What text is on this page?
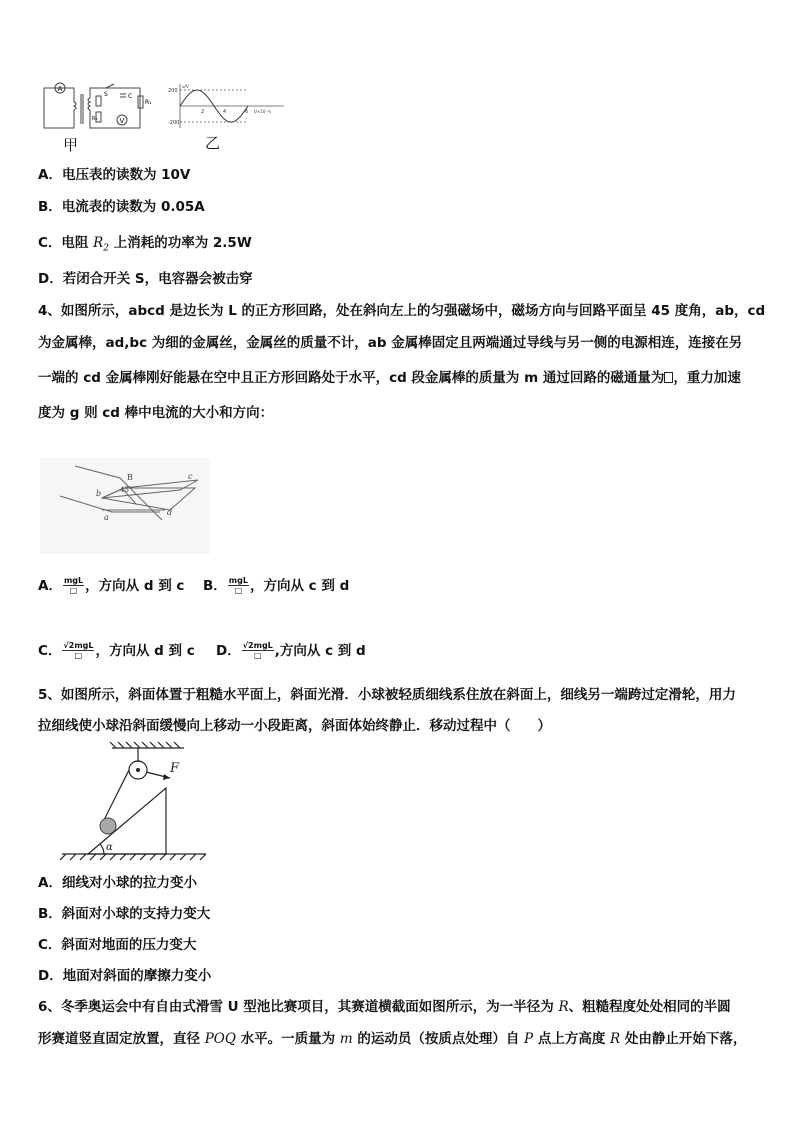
A
S	C
R₁
R₂	V
甲
u/V
200
-200
2	4	6 t/×10⁻²s
乙
A．电压表的读数为 10V
B．电流表的读数为 0.05A
C．电阻 $R_2$ 上消耗的功率为 2.5W
D．若闭合开关 S，电容器会被击穿
4、如图所示，abcd 是边长为 L 的正方形回路，处在斜向左上的匀强磁场中，磁场方向与回路平面呈 45 度角，ab，cd
为金属棒，ad,bc 为细的金属丝，金属丝的质量不计，ab 金属棒固定且两端通过导线与另一侧的电源相连，连接在另
一端的 cd 金属棒刚好能悬在空中且正方形回路处于水平，cd 段金属棒的质量为 m 通过回路的磁通量为 ，重力加速
度为 g 则 cd 棒中电流的大小和方向：
B
45°
a
b
c
d
A． $\frac{\text{mgL}}{□}$ ，方向从 d 到 c B． $\frac{\text{mgL}}{□}$ ，方向从 c 到 d
C． $\frac{\text{√2mgL}}{□}$ ，方向从 d 到 c D． $\frac{\text{√2mgL}}{□}$ ,方向从 c 到 d
5、如图所示，斜面体置于粗糙水平面上，斜面光滑．小球被轻质细线系住放在斜面上，细线另一端跨过定滑轮，用力
拉细线使小球沿斜面缓慢向上移动一小段距离，斜面体始终静止．移动过程中（　　）
F
α
A．细线对小球的拉力变小
B．斜面对小球的支持力变大
C．斜面对地面的压力变大
D．地面对斜面的摩擦力变小
6、冬季奥运会中有自由式滑雪 U 型池比赛项目，其赛道横截面如图所示，为一半径为 R、粗糙程度处处相同的半圆
形赛道竖直固定放置，直径 POQ 水平。一质量为 m 的运动员（按质点处理）自 P 点上方高度 R 处由静止开始下落，
